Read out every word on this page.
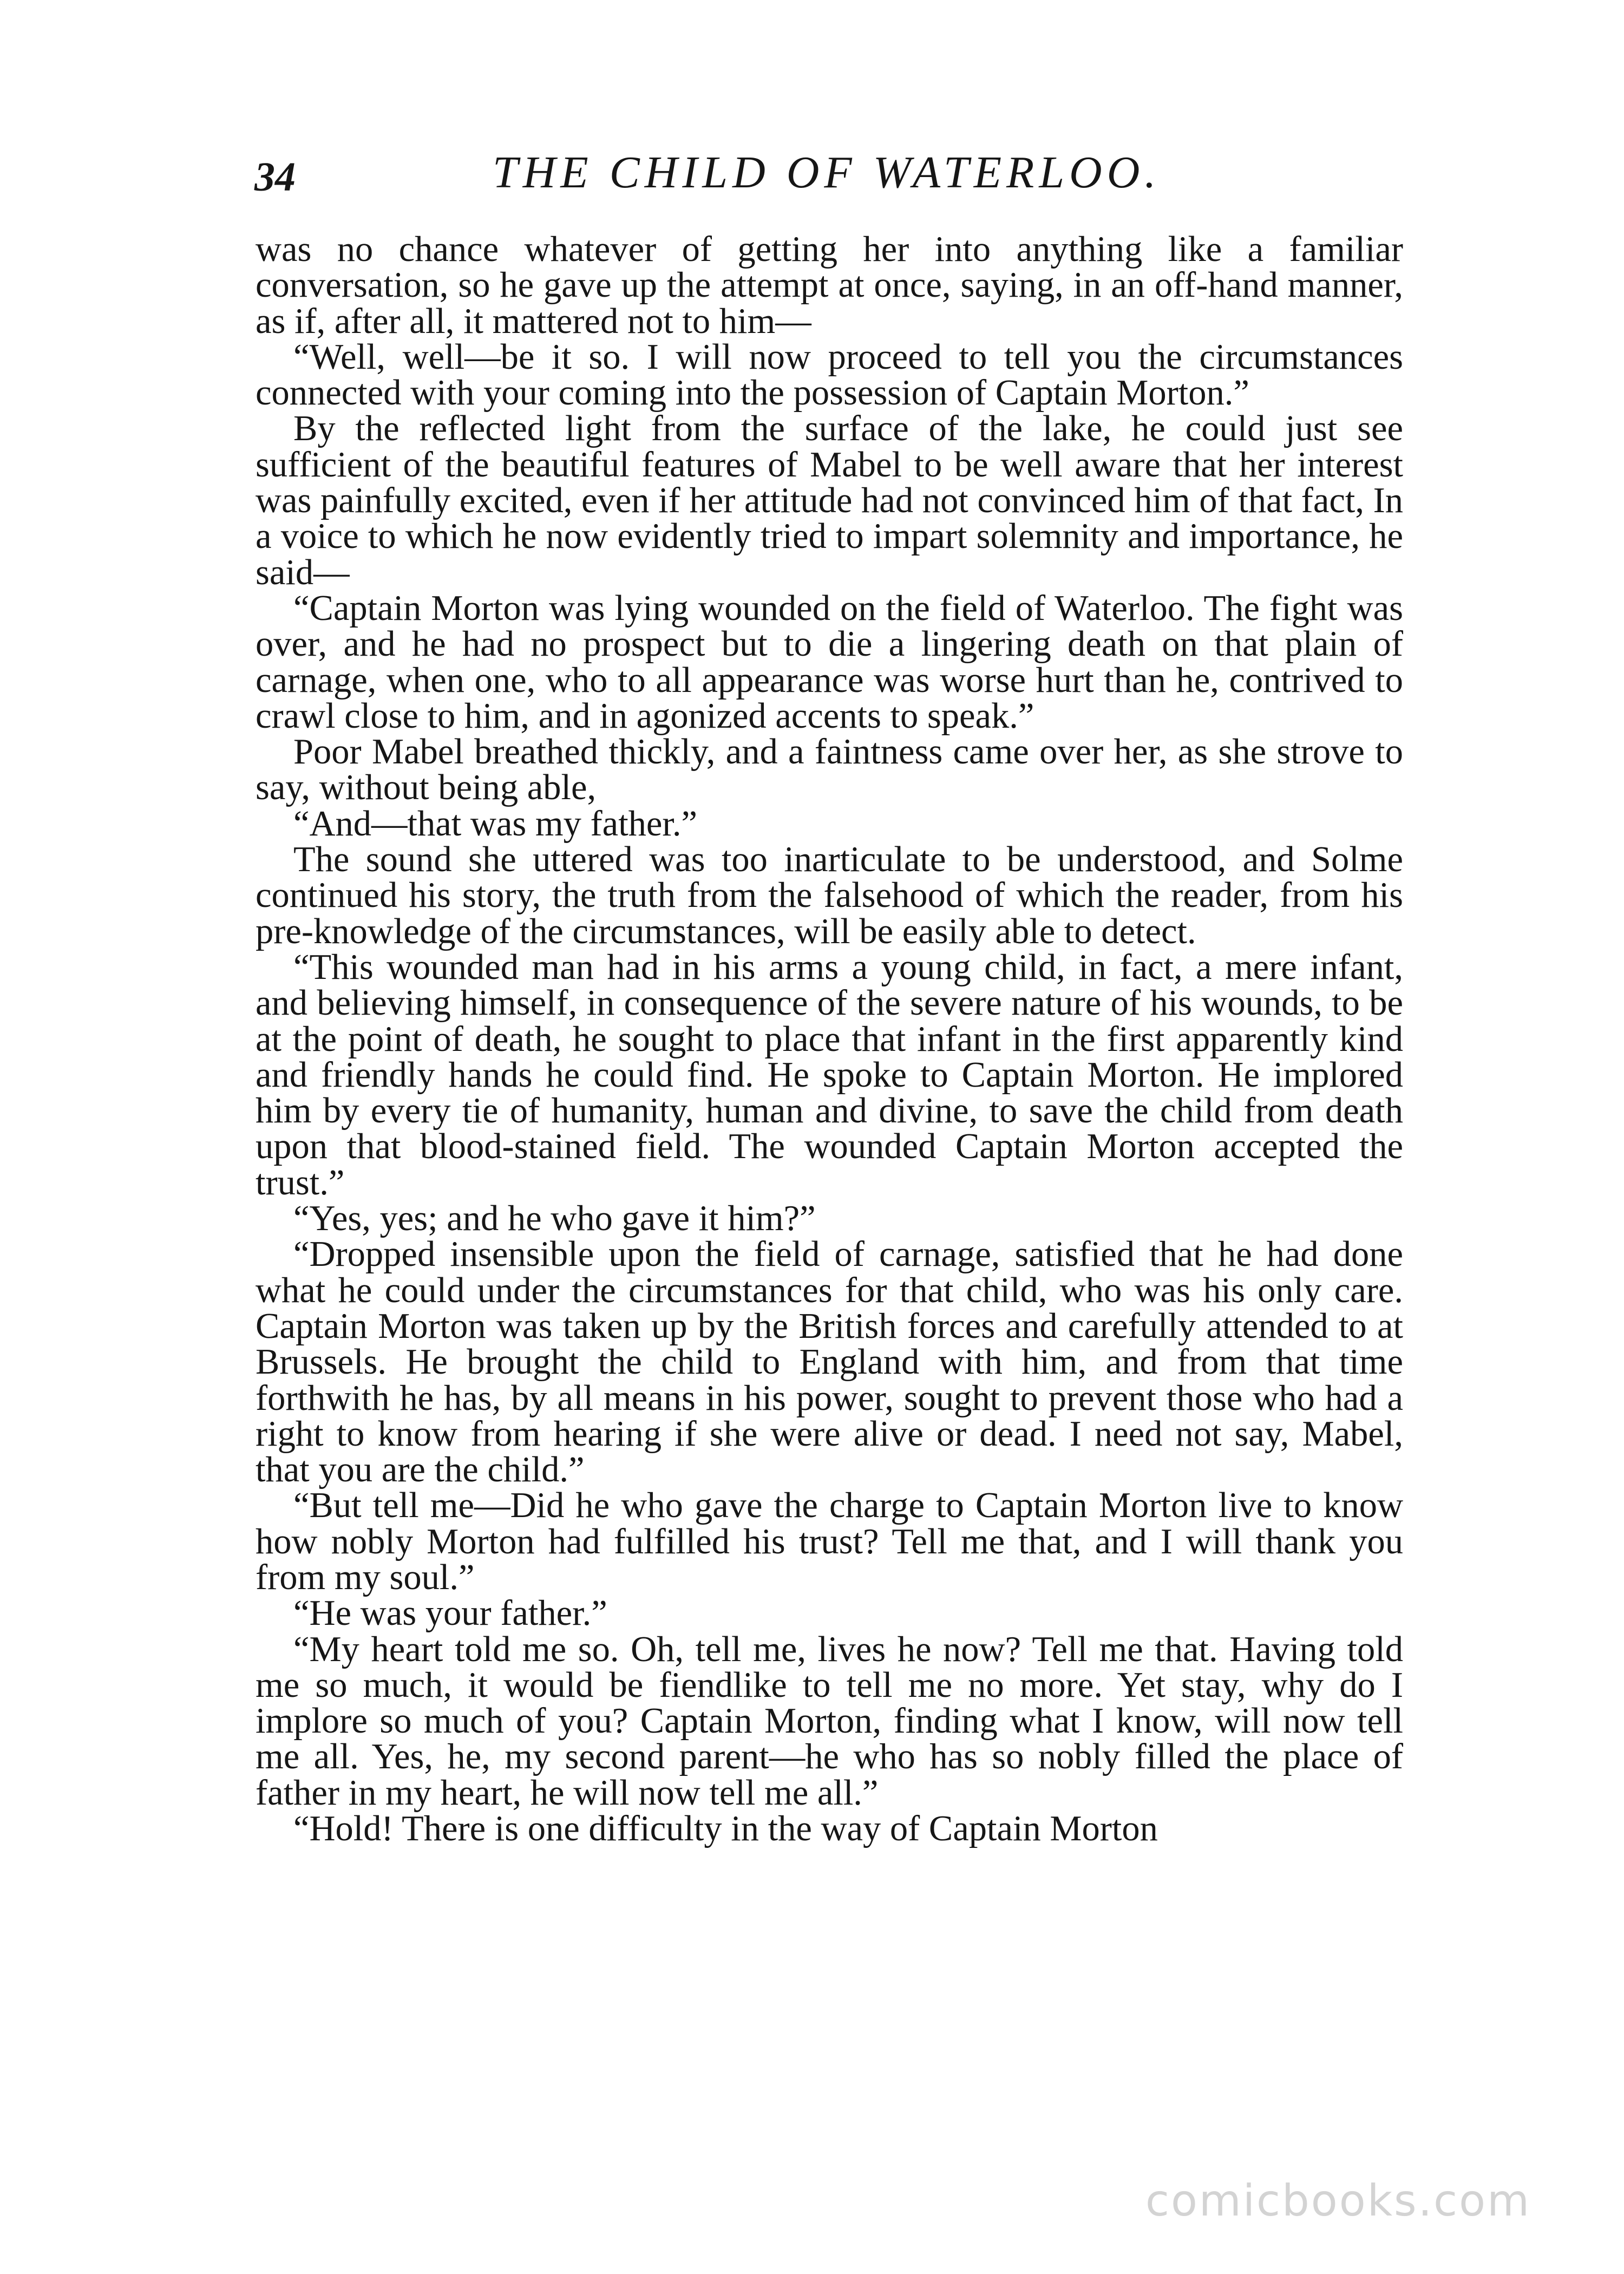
34	THE CHILD OF WATERLOO.

was no chance whatever of getting her into anything like a familiar conversation, so he gave up the attempt at once, saying, in an off-hand manner, as if, after all, it mattered not to him—

“Well, well—be it so. I will now proceed to tell you the circumstances connected with your coming into the possession of Captain Morton.”

By the reflected light from the surface of the lake, he could just see sufficient of the beautiful features of Mabel to be well aware that her interest was painfully excited, even if her attitude had not convinced him of that fact, In a voice to which he now evidently tried to impart solemnity and importance, he said—

“Captain Morton was lying wounded on the field of Waterloo. The fight was over, and he had no prospect but to die a lingering death on that plain of carnage, when one, who to all appearance was worse hurt than he, contrived to crawl close to him, and in agonized accents to speak.”

Poor Mabel breathed thickly, and a faintness came over her, as she strove to say, without being able,

“And—that was my father.”

The sound she uttered was too inarticulate to be understood, and Solme continued his story, the truth from the falsehood of which the reader, from his pre-knowledge of the circumstances, will be easily able to detect.

“This wounded man had in his arms a young child, in fact, a mere infant, and believing himself, in consequence of the severe nature of his wounds, to be at the point of death, he sought to place that infant in the first apparently kind and friendly hands he could find. He spoke to Captain Morton. He implored him by every tie of humanity, human and divine, to save the child from death upon that blood-stained field. The wounded Captain Morton accepted the trust.”

“Yes, yes; and he who gave it him?”

“Dropped insensible upon the field of carnage, satisfied that he had done what he could under the circumstances for that child, who was his only care. Captain Morton was taken up by the British forces and carefully attended to at Brussels. He brought the child to England with him, and from that time forthwith he has, by all means in his power, sought to prevent those who had a right to know from hearing if she were alive or dead. I need not say, Mabel, that you are the child.”

“But tell me—Did he who gave the charge to Captain Morton live to know how nobly Morton had fulfilled his trust? Tell me that, and I will thank you from my soul.”

“He was your father.”

“My heart told me so. Oh, tell me, lives he now? Tell me that. Having told me so much, it would be fiendlike to tell me no more. Yet stay, why do I implore so much of you? Captain Morton, finding what I know, will now tell me all. Yes, he, my second parent—he who has so nobly filled the place of father in my heart, he will now tell me all.”

“Hold! There is one difficulty in the way of Captain Morton

comicbooks.com
